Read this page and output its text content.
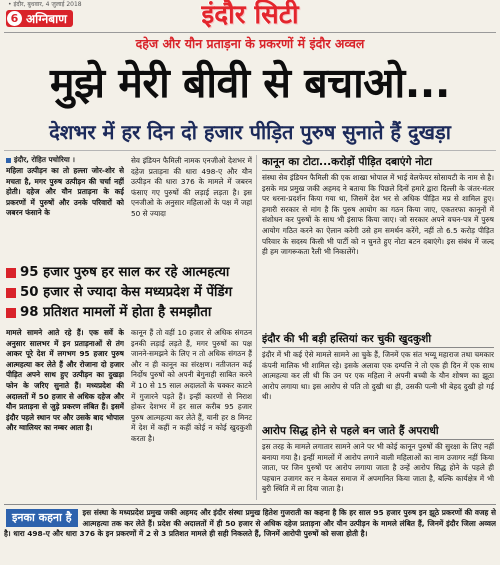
• इंदौर, बुधवार, 4 जुलाई 2018
6 अग्निबाण	इंदौर सिटी
दहेज और यौन प्रताड़ना के प्रकरणों में इंदौर अव्वल
मुझे मेरी बीवी से बचाओ...
देशभर में हर दिन दो हजार पीड़ित पुरुष सुनाते हैं दुखड़ा
इंदौर, रोहित पचोरिया ।
महिला उत्पीड़न का तो हल्ला जोर-शोर से मचता है, मगर पुरुष उत्पीड़न की चर्चा नहीं होती। दहेज और यौन प्रताड़ना के कई प्रकरणों में पुरुषों और उनके परिवारों को जबरन फंसाने के
सेव इंडियन फैमिली नामक एनजीओ देशभर में दहेज प्रताड़ना की धारा 498-ए और यौन उत्पीड़न की धारा 376 के मामले में जबरन फंसाए गए पुरुषों की लड़ाई लड़ता है। इस एनजीओ के अनुसार महिलाओं के पक्ष में जहां 50 से ज्यादा
95 हजार पुरुष हर साल कर रहे आत्महत्या
50 हजार से ज्यादा केस मध्यप्रदेश में पेंडिंग
98 प्रतिशत मामलों में होता है समझौता
मामले सामने आते रहे हैं। एक सर्वे के अनुसार सालभर में इन प्रताड़नाओं से तंग आकर पूरे देश में लगभग 95 हजार पुरुष आत्महत्या कर लेते हैं और रोजाना दो हजार पीड़ित अपने साथ हुए उत्पीड़न का दुखड़ा फोन के जरिए सुनाते हैं। मध्यप्रदेश की अदालतों में 50 हजार से अधिक दहेज और यौन प्रताड़ना से जुड़े प्रकरण लंबित हैं। इसमें इंदौर पहले स्थान पर और उसके बाद भोपाल और ग्वालियर का नम्बर आता है।
कानून हैं तो वहीं 10 हजार से अधिक संगठन इनकी लड़ाई लड़ते हैं, मगर पुरुषों का पक्ष जानने-समझने के लिए न तो अधिक संगठन हैं और न ही कानून का संरक्षण। नतीजतन कई निर्दोष पुरुषों को अपनी बेगुनाही साबित करने में 10 से 15 साल अदालतों के चक्कर काटने में गुजारने पड़ते हैं। इन्हीं कारणों से निराश होकर देशभर में हर साल करीब 95 हजार पुरुष आत्महत्या कर लेते हैं, यानी हर 8 मिनट में देश में कहीं न कहीं कोई न कोई खुदकुशी करता है।
कानून का टोटा...करोड़ों पीड़ित दबाएंगे नोटा
संस्था सेव इंडियन फैमिली की एक शाखा भोपाल में भाई वेलफेयर सोसायटी के नाम से है। इसके मप्र प्रमुख जकी अहमद ने बताया कि पिछले दिनों हमारे द्वारा दिल्ली के जंतर-मंतर पर धरना-प्रदर्शन किया गया था, जिसमें देश भर से अधिक पीड़ित मप्र से शामिल हुए। हमारी सरकार से मांग है कि पुरुष आयोग का गठन किया जाए, एकतरफा कानूनों में संशोधन कर पुरुषों के साथ भी इंसाफ किया जाए। जो सरकार अपने वचन-पत्र में पुरुष आयोग गठित करने का ऐलान करेगी उसे हम समर्थन करेंगे, नहीं तो 6.5 करोड़ पीड़ित परिवार के सदस्य किसी भी पार्टी को न चुनते हुए नोटा बटन दबाएंगे। इस संबंध में जल्द ही हम जागरूकता रैली भी निकालेंगे।
इंदौर की भी बड़ी हस्तियां कर चुकी खुदकुशी
इंदौर में भी कई ऐसे मामले सामने आ चुके हैं, जिनमें एक संत भय्यू महाराज तथा चमकार कंपनी मालिक भी शामिल रहे। इसके अलावा एक दम्पत्ति ने तो एक ही दिन में एक साथ आत्महत्या कर ली थी कि उन पर एक महिला ने अपनी बच्ची के यौन शोषण का झूठा आरोप लगाया था। इस आरोप से पति तो दुखी था ही, उसकी पत्नी भी बेहद दुखी हो गई थी।
आरोप सिद्ध होने से पहले बन जाते हैं अपराधी
इस तरह के मामले लगातार सामने आने पर भी कोई कानून पुरुषों की सुरक्षा के लिए नहीं बनाया गया है। इन्हीं मामलों में आरोप लगाने वाली महिलाओं का नाम उजागर नहीं किया जाता, पर जिन पुरुषों पर आरोप लगाया जाता है उन्हें आरोप सिद्ध होने के पहले ही पहचान उजागर कर न केवल समाज में अपमानित किया जाता है, बल्कि कार्यक्षेत्र में भी बुरी स्थिति में ला दिया जाता है।
इनका कहना है	इस संस्था के मध्यप्रदेश प्रमुख जकी अहमद और इंदौर संस्था प्रमुख हितेश गुजराती का कहना है कि हर साल 95 हजार पुरुष इन झूठे प्रकरणों की वजह से आत्महत्या तक कर लेते हैं। प्रदेश की अदालतों में ही 50 हजार से अधिक दहेज प्रताड़ना और यौन उत्पीड़न के मामले लंबित हैं, जिनमें इंदौर जिला अव्वल है। धारा 498-ए और धारा 376 के इन प्रकरणों में 2 से 3 प्रतिशत मामले ही सही निकलते हैं, जिनमें आरोपी पुरुषों को सजा होती है।
